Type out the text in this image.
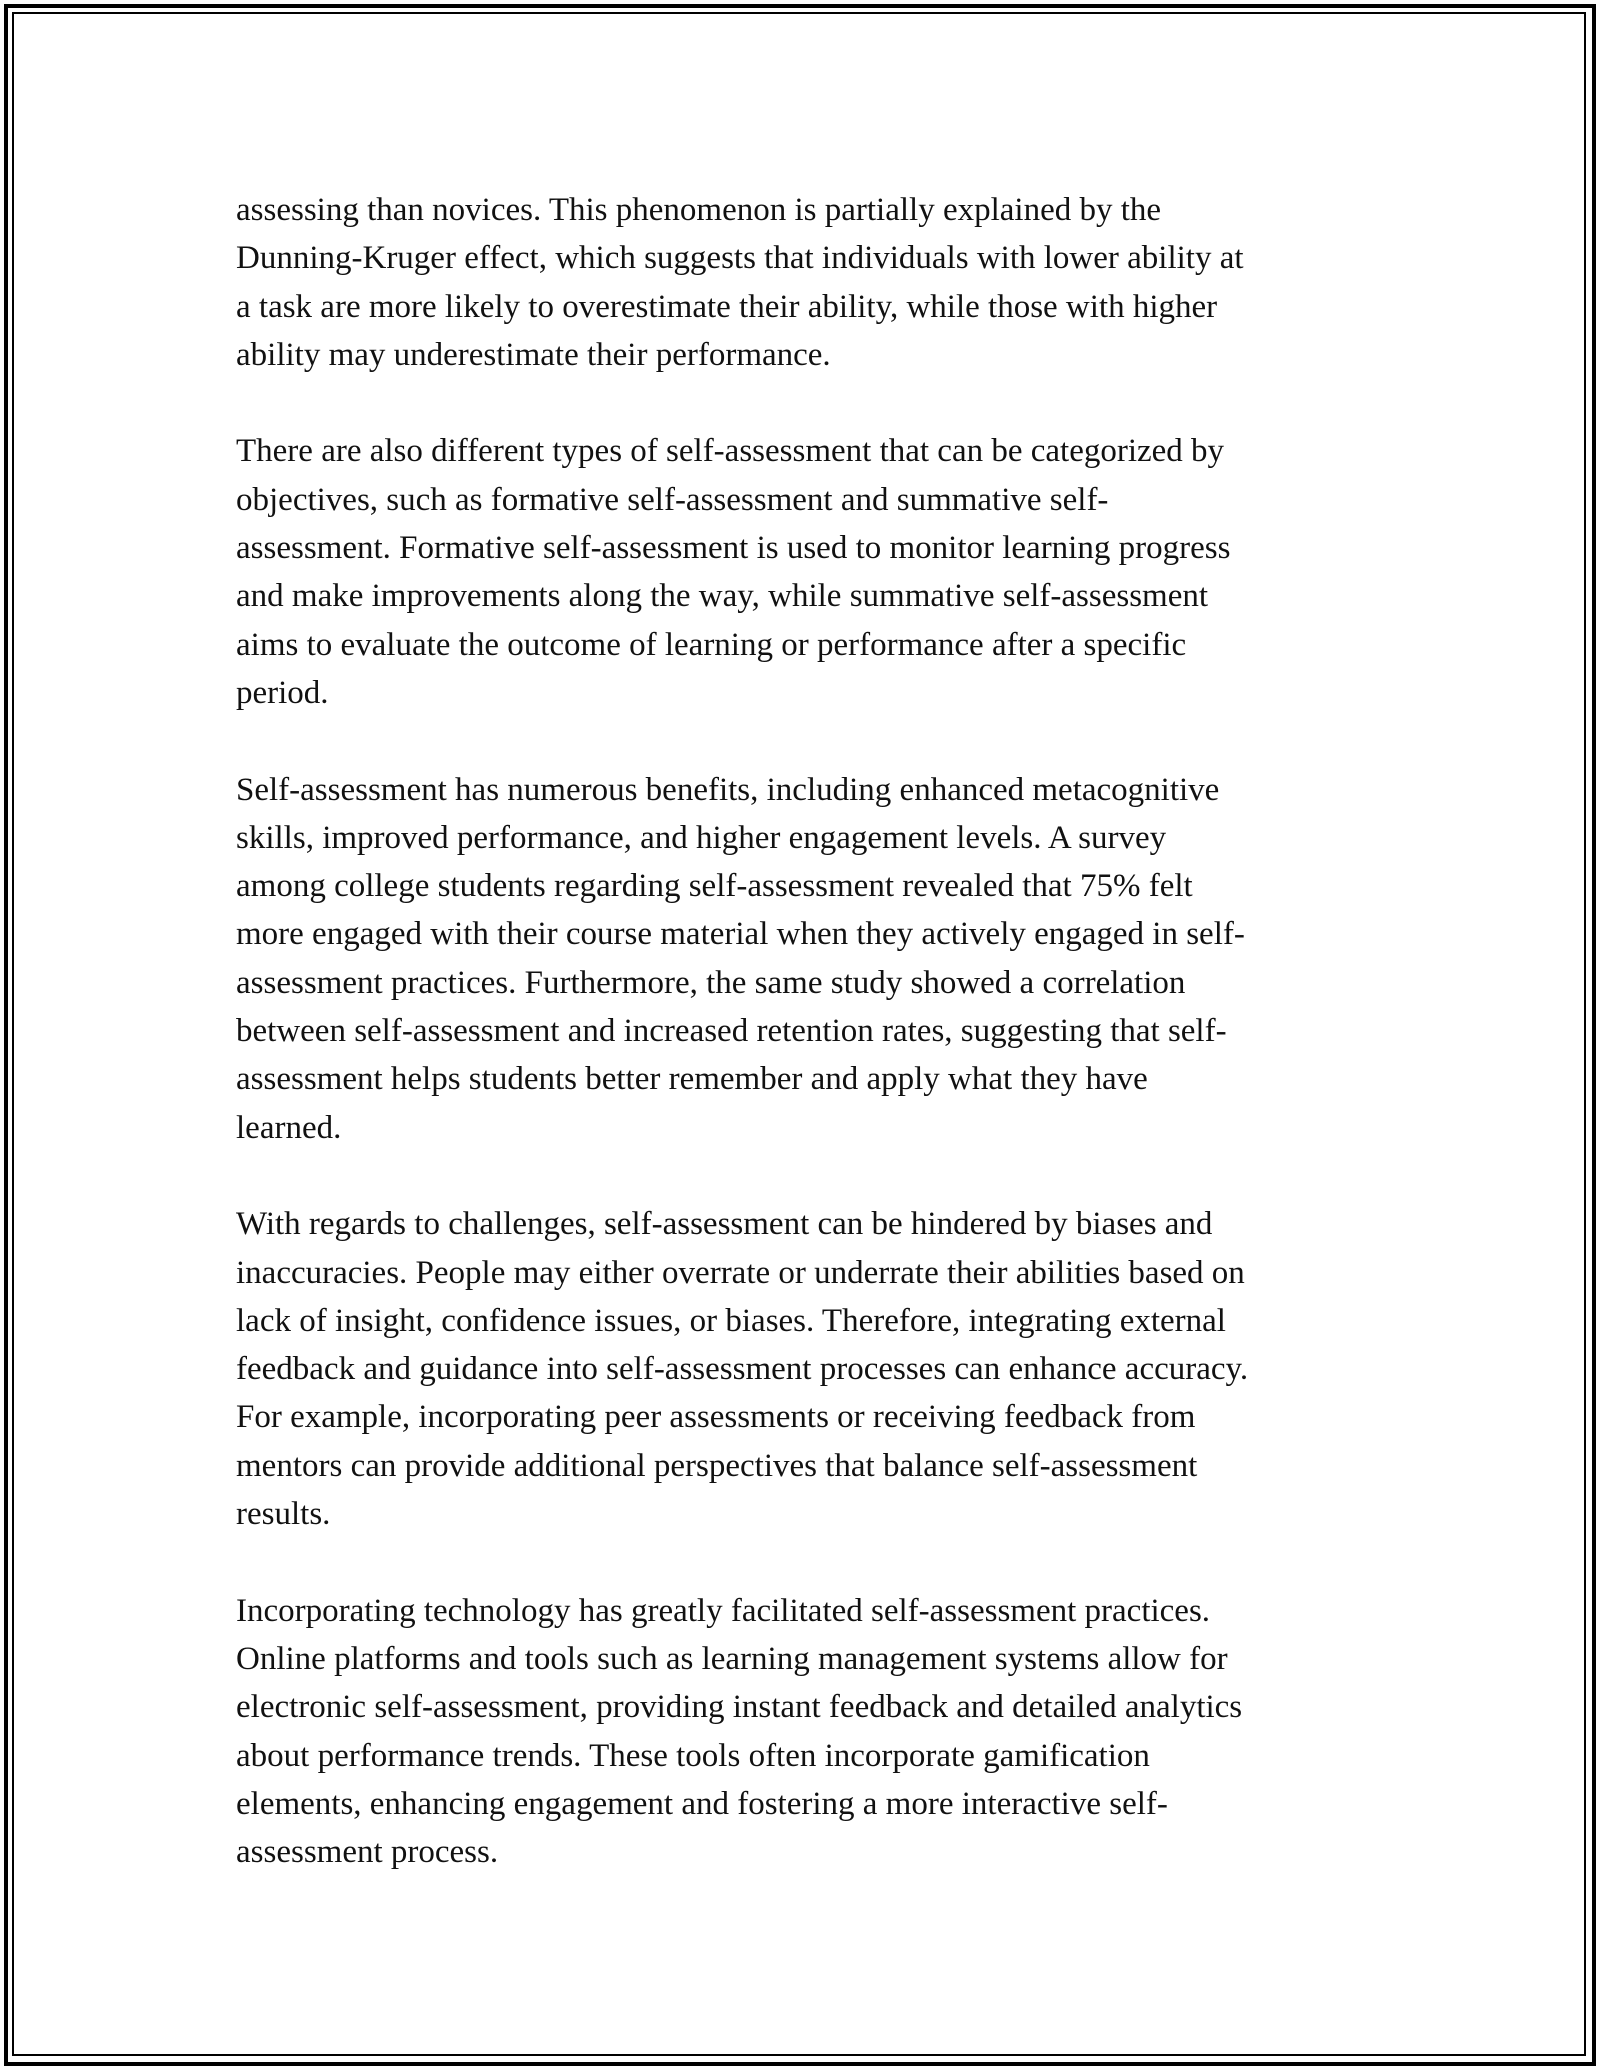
assessing than novices. This phenomenon is partially explained by the
Dunning-Kruger effect, which suggests that individuals with lower ability at
a task are more likely to overestimate their ability, while those with higher
ability may underestimate their performance.
There are also different types of self-assessment that can be categorized by
objectives, such as formative self-assessment and summative self-
assessment. Formative self-assessment is used to monitor learning progress
and make improvements along the way, while summative self-assessment
aims to evaluate the outcome of learning or performance after a specific
period.
Self-assessment has numerous benefits, including enhanced metacognitive
skills, improved performance, and higher engagement levels. A survey
among college students regarding self-assessment revealed that 75% felt
more engaged with their course material when they actively engaged in self-
assessment practices. Furthermore, the same study showed a correlation
between self-assessment and increased retention rates, suggesting that self-
assessment helps students better remember and apply what they have
learned.
With regards to challenges, self-assessment can be hindered by biases and
inaccuracies. People may either overrate or underrate their abilities based on
lack of insight, confidence issues, or biases. Therefore, integrating external
feedback and guidance into self-assessment processes can enhance accuracy.
For example, incorporating peer assessments or receiving feedback from
mentors can provide additional perspectives that balance self-assessment
results.
Incorporating technology has greatly facilitated self-assessment practices.
Online platforms and tools such as learning management systems allow for
electronic self-assessment, providing instant feedback and detailed analytics
about performance trends. These tools often incorporate gamification
elements, enhancing engagement and fostering a more interactive self-
assessment process.
